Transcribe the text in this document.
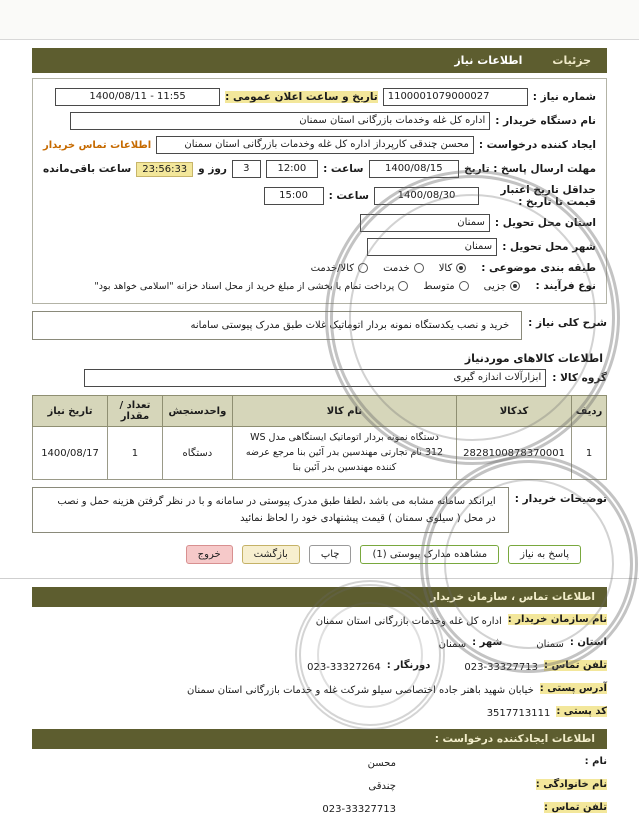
جزئیات
اطلاعات نیاز
شماره نیاز :
1100001079000027
تاریخ و ساعت اعلان عمومی :
1400/08/11 - 11:55
نام دستگاه خریدار :
اداره کل غله وخدمات بازرگانی استان سمنان
ایجاد کننده درخواست :
محسن چندقی کارپرداز اداره کل غله وخدمات بازرگانی استان سمنان
اطلاعات تماس خریدار
مهلت ارسال پاسخ : تاریخ
1400/08/15
ساعت :
12:00
3
روز و
23:56:33
ساعت باقی‌مانده
حداقل تاریخ اعتبار قیمت تا تاریخ :
1400/08/30
ساعت :
15:00
استان محل تحویل :
سمنان
شهر محل تحویل :
سمنان
طبقه بندی موضوعی :
کالا
خدمت
کالا/خدمت
نوع فرآیند :
جزیی
متوسط
پرداخت تمام یا بخشی از مبلغ خرید از محل اسناد خزانه "اسلامی خواهد بود"
شرح کلی نیاز :
خرید و نصب یکدستگاه نمونه بردار اتوماتیک غلات طبق مدرک پیوستی سامانه
اطلاعات کالاهای موردنیاز
گروه کالا :
ابزارآلات اندازه گیری
ردیف	کدکالا	نام کالا	واحدسنجش	تعداد / مقدار	تاریخ نیاز
1	2828100878370001	دستگاه نمونه بردار اتوماتیک ایستگاهی مدل WS 312 نام تجارتی مهندسین بدر آئین بنا مرجع عرضه کننده مهندسین بدر آئین بنا	دستگاه	1	1400/08/17
توضیحات خریدار :
ایرانکد سامانه مشابه می باشد ،لطفا طبق مدرک پیوستی در سامانه و با در نظر گرفتن هزینه حمل و نصب در محل ( سیلوی سمنان ) قیمت پیشنهادی خود را لحاظ نمائید
پاسخ به نیاز
مشاهده مدارک پیوستی (1)
چاپ
بازگشت
خروج
اطلاعات تماس ، سازمان خریدار
نام سازمان خریدار :
اداره کل غله وخدمات بازرگانی استان سمنان
استان :
سمنان
شهر :
سمنان
تلفن تماس :
023-33327713
دورنگار :
023-33327264
آدرس پستی :
خیابان شهید باهنر جاده اختصاصی سیلو شرکت غله و خدمات بازرگانی استان سمنان
کد پستی :
3517713111
اطلاعات ایجادکننده درخواست :
نام :
محسن
نام خانوادگی :
چندقی
تلفن تماس :
023-33327713
